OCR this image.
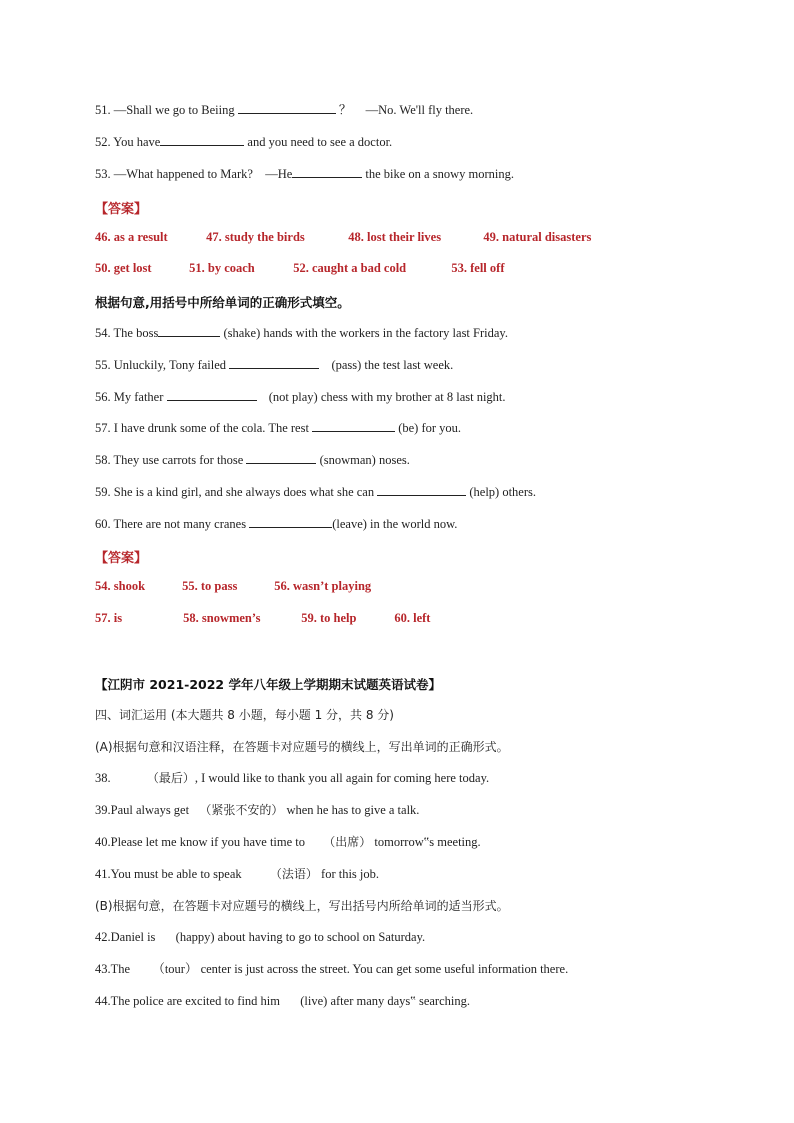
51. —Shall we go to Beiing	？ —No. We'll fly there.
52. You have	and you need to see a doctor.
53. —What happened to Mark? —He	the bike on a snowy morning.
【答案】
46. as a result	47. study the birds	48. lost their lives	49. natural disasters
50. get lost	51. by coach	52. caught a bad cold	53. fell off
根据句意,用括号中所给单词的正确形式填空。
54. The boss	(shake) hands with the workers in the factory last Friday.
55. Unluckily, Tony failed	(pass) the test last week.
56. My father	(not play) chess with my brother at 8 last night.
57. I have drunk some of the cola. The rest	(be) for you.
58. They use carrots for those	(snowman) noses.
59. She is a kind girl, and she always does what she can	(help) others.
60. There are not many cranes	(leave) in the world now.
【答案】
54. shook	55. to pass	56. wasn’t playing
57. is	58. snowmen’s	59. to help	60. left
【江阴市 2021-2022 学年八年级上学期期末试题英语试卷】
四、词汇运用 (本大题共 8 小题，每小题 1 分，共 8 分)
(A)根据句意和汉语注释，在答题卡对应题号的横线上，写出单词的正确形式。
38.	（最后）, I would like to thank you all again for coming here today.
39.Paul always get （紧张不安的） when he has to give a talk.
40.Please let me know if you have time to （出席） tomorrow‟s meeting.
41.You must be able to speak （法语） for this job.
(B)根据句意，在答题卡对应题号的横线上，写出括号内所给单词的适当形式。
42.Daniel is (happy) about having to go to school on Saturday.
43.The （tour） center is just across the street. You can get some useful information there.
44.The police are excited to find him (live) after many days‟ searching.
